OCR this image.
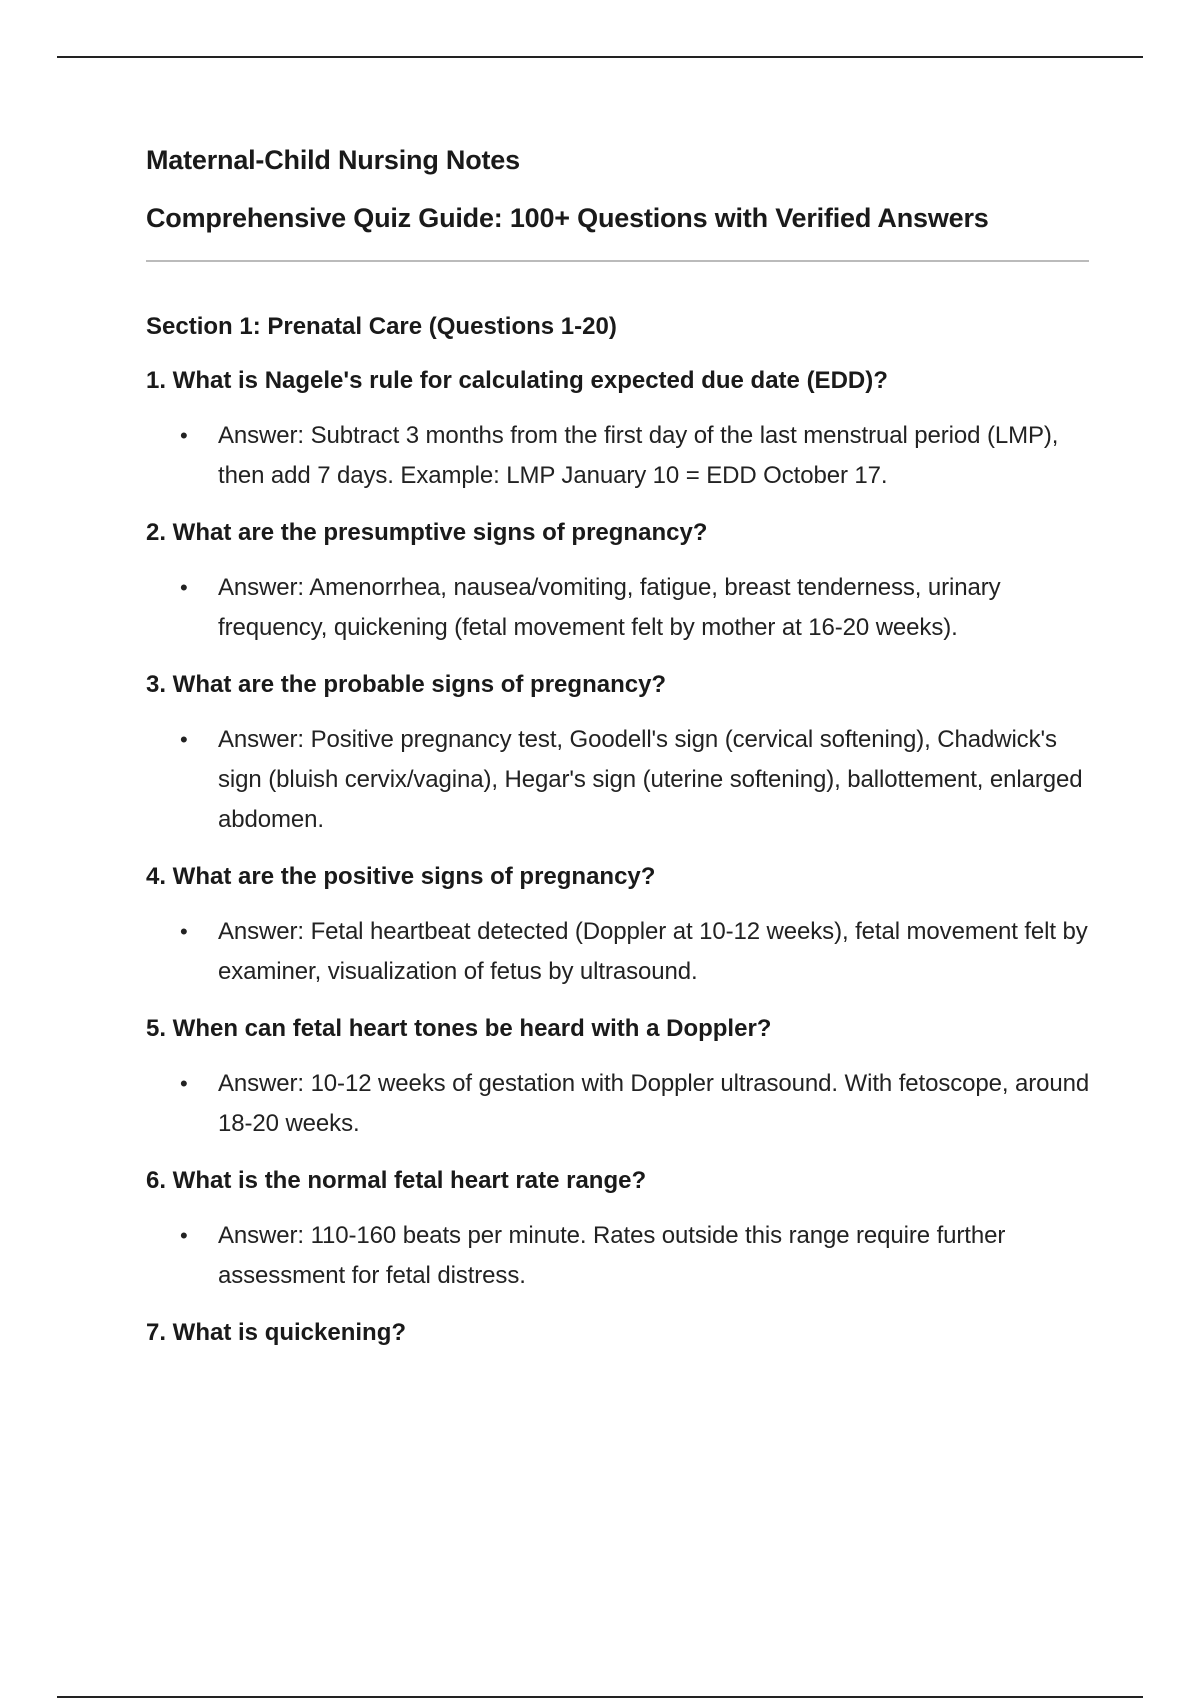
Maternal-Child Nursing Notes
Comprehensive Quiz Guide: 100+ Questions with Verified Answers
Section 1: Prenatal Care (Questions 1-20)

1. What is Nagele's rule for calculating expected due date (EDD)?

• Answer: Subtract 3 months from the first day of the last menstrual period (LMP), then add 7 days. Example: LMP January 10 = EDD October 17.

2. What are the presumptive signs of pregnancy?

• Answer: Amenorrhea, nausea/vomiting, fatigue, breast tenderness, urinary frequency, quickening (fetal movement felt by mother at 16-20 weeks).

3. What are the probable signs of pregnancy?

• Answer: Positive pregnancy test, Goodell's sign (cervical softening), Chadwick's sign (bluish cervix/vagina), Hegar's sign (uterine softening), ballottement, enlarged abdomen.

4. What are the positive signs of pregnancy?

• Answer: Fetal heartbeat detected (Doppler at 10-12 weeks), fetal movement felt by examiner, visualization of fetus by ultrasound.

5. When can fetal heart tones be heard with a Doppler?

• Answer: 10-12 weeks of gestation with Doppler ultrasound. With fetoscope, around 18-20 weeks.

6. What is the normal fetal heart rate range?

• Answer: 110-160 beats per minute. Rates outside this range require further assessment for fetal distress.

7. What is quickening?
